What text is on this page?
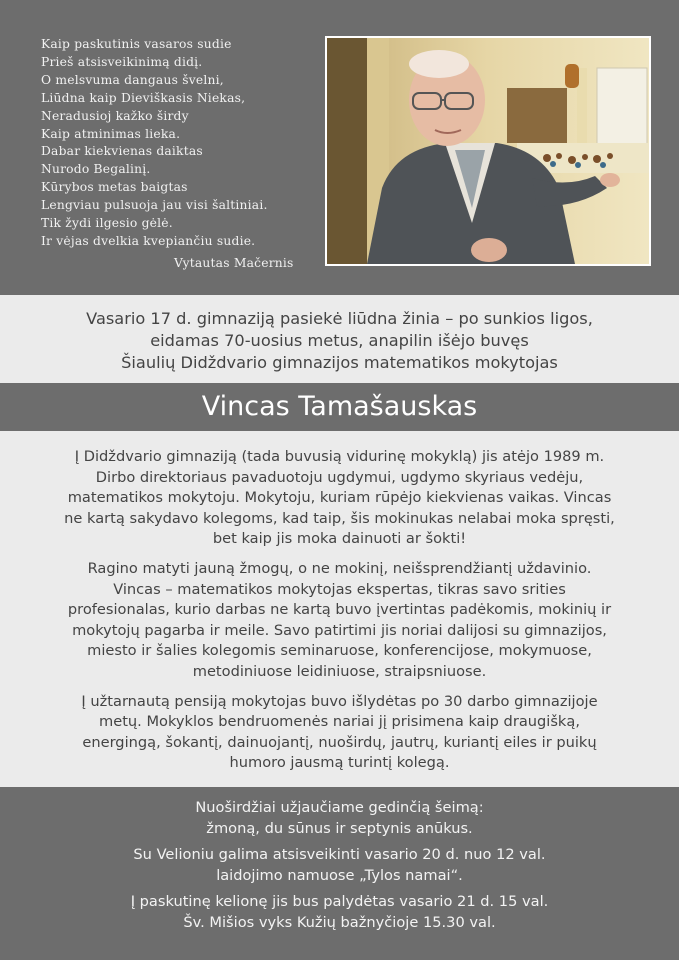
Kaip paskutinis vasaros sudie
Prieš atsisveikinimą didį.
O melsvuma dangaus švelni,
Liūdna kaip Dieviškasis Niekas,
Neradusioj kažko širdy
Kaip atminimas lieka.
Dabar kiekvienas daiktas
Nurodo Begalinį.
Kūrybos metas baigtas
Lengviau pulsuoja jau visi šaltiniai.
Tik žydi ilgesio gėlė.
Ir vėjas dvelkia kvepiančiu sudie.
Vytautas Mačernis
Vasario 17 d. gimnaziją pasiekė liūdna žinia – po sunkios ligos,
eidamas 70-uosius metus, anapilin išėjo buvęs
Šiaulių Didždvario gimnazijos matematikos mokytojas
Vincas Tamašauskas
Į Didždvario gimnaziją (tada buvusią vidurinę mokyklą) jis atėjo 1989 m.
Dirbo direktoriaus pavaduotoju ugdymui, ugdymo skyriaus vedėju,
matematikos mokytoju. Mokytoju, kuriam rūpėjo kiekvienas vaikas. Vincas
ne kartą sakydavo kolegoms, kad taip, šis mokinukas nelabai moka spręsti,
bet kaip jis moka dainuoti ar šokti!
Ragino matyti jauną žmogų, o ne mokinį, neišsprendžiantį uždavinio.
Vincas – matematikos mokytojas ekspertas, tikras savo srities
profesionalas, kurio darbas ne kartą buvo įvertintas padėkomis, mokinių ir
mokytojų pagarba ir meile. Savo patirtimi jis noriai dalijosi su gimnazijos,
miesto ir šalies kolegomis seminaruose, konferencijose, mokymuose,
metodiniuose leidiniuose, straipsniuose.
Į užtarnautą pensiją mokytojas buvo išlydėtas po 30 darbo gimnazijoje
metų. Mokyklos bendruomenės nariai jį prisimena kaip draugišką,
energingą, šokantį, dainuojantį, nuoširdų, jautrų, kuriantį eiles ir puikų
humoro jausmą turintį kolegą.
Nuoširdžiai užjaučiame gedinčią šeimą:
žmoną, du sūnus ir septynis anūkus.
Su Velioniu galima atsisveikinti vasario 20 d. nuo 12 val.
laidojimo namuose „Tylos namai“.
Į paskutinę kelionę jis bus palydėtas vasario 21 d. 15 val.
Šv. Mišios vyks Kužių bažnyčioje 15.30 val.
